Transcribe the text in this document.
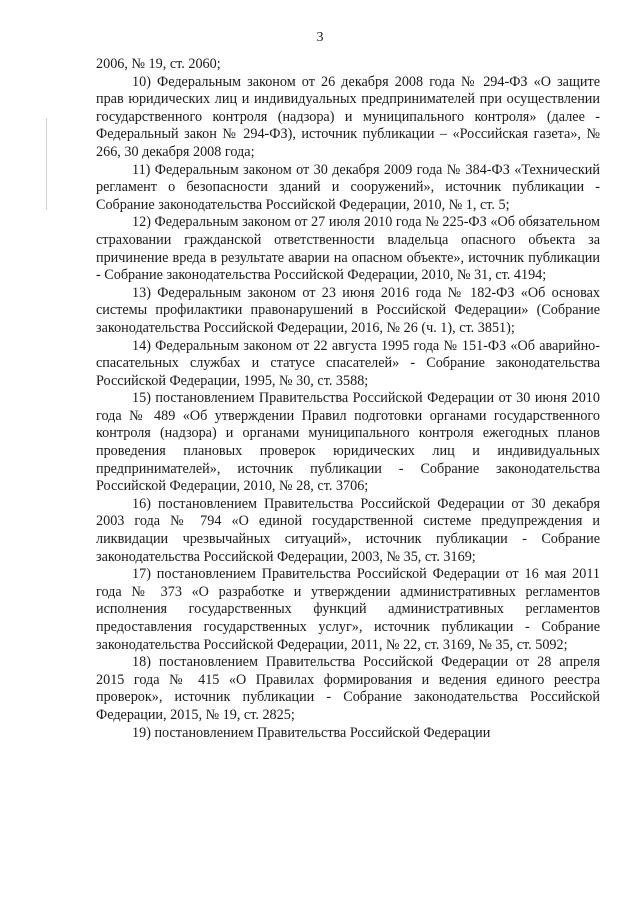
3

2006, № 19, ст. 2060;

10) Федеральным законом от 26 декабря 2008 года № 294-ФЗ «О защите прав юридических лиц и индивидуальных предпринимателей при осуществлении государственного контроля (надзора) и муниципального контроля» (далее - Федеральный закон № 294-ФЗ), источник публикации – «Российская газета», № 266, 30 декабря 2008 года;

11) Федеральным законом от 30 декабря 2009 года № 384-ФЗ «Технический регламент о безопасности зданий и сооружений», источник публикации - Собрание законодательства Российской Федерации, 2010, № 1, ст. 5;

12) Федеральным законом от 27 июля 2010 года № 225-ФЗ «Об обязательном страховании гражданской ответственности владельца опасного объекта за причинение вреда в результате аварии на опасном объекте», источник публикации - Собрание законодательства Российской Федерации, 2010, № 31, ст. 4194;

13) Федеральным законом от 23 июня 2016 года № 182-ФЗ «Об основах системы профилактики правонарушений в Российской Федерации» (Собрание законодательства Российской Федерации, 2016, № 26 (ч. 1), ст. 3851);

14) Федеральным законом от 22 августа 1995 года № 151-ФЗ «Об аварийно-спасательных службах и статусе спасателей» - Собрание законодательства Российской Федерации, 1995, № 30, ст. 3588;

15) постановлением Правительства Российской Федерации от 30 июня 2010 года № 489 «Об утверждении Правил подготовки органами государственного контроля (надзора) и органами муниципального контроля ежегодных планов проведения плановых проверок юридических лиц и индивидуальных предпринимателей», источник публикации - Собрание законодательства Российской Федерации, 2010, № 28, ст. 3706;

16) постановлением Правительства Российской Федерации от 30 декабря 2003 года № 794 «О единой государственной системе предупреждения и ликвидации чрезвычайных ситуаций», источник публикации - Собрание законодательства Российской Федерации, 2003, № 35, ст. 3169;

17) постановлением Правительства Российской Федерации от 16 мая 2011 года № 373 «О разработке и утверждении административных регламентов исполнения государственных функций административных регламентов предоставления государственных услуг», источник публикации - Собрание законодательства Российской Федерации, 2011, № 22, ст. 3169, № 35, ст. 5092;

18) постановлением Правительства Российской Федерации от 28 апреля 2015 года № 415 «О Правилах формирования и ведения единого реестра проверок», источник публикации - Собрание законодательства Российской Федерации, 2015, № 19, ст. 2825;

19) постановлением Правительства Российской Федерации
